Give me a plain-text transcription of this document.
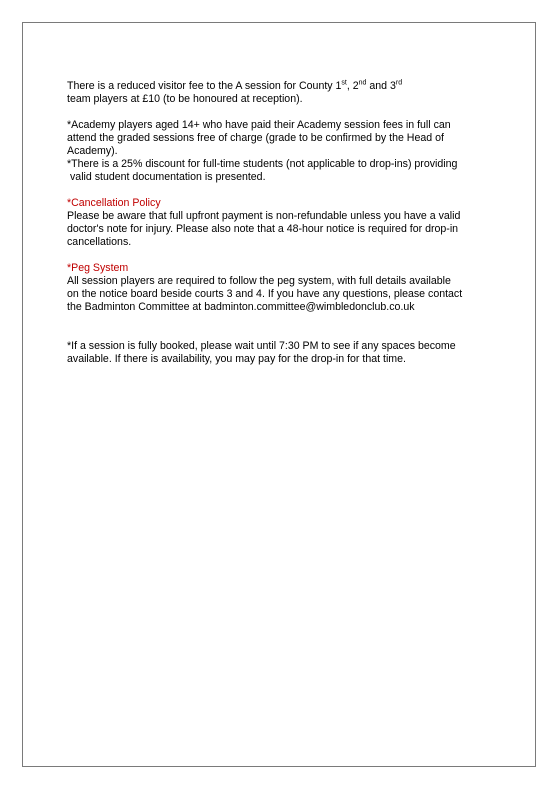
There is a reduced visitor fee to the A session for County 1st, 2nd and 3rd
team players at £10 (to be honoured at reception).

*Academy players aged 14+ who have paid their Academy session fees in full can
attend the graded sessions free of charge (grade to be confirmed by the Head of
Academy).

*There is a 25% discount for full-time students (not applicable to drop-ins) providing
valid student documentation is presented.

*Cancellation Policy

Please be aware that full upfront payment is non-refundable unless you have a valid
doctor's note for injury. Please also note that a 48-hour notice is required for drop-in
cancellations.

*Peg System

All session players are required to follow the peg system, with full details available
on the notice board beside courts 3 and 4. If you have any questions, please contact
the Badminton Committee at badminton.committee@wimbledonclub.co.uk

*If a session is fully booked, please wait until 7:30 PM to see if any spaces become
available. If there is availability, you may pay for the drop-in for that time.
